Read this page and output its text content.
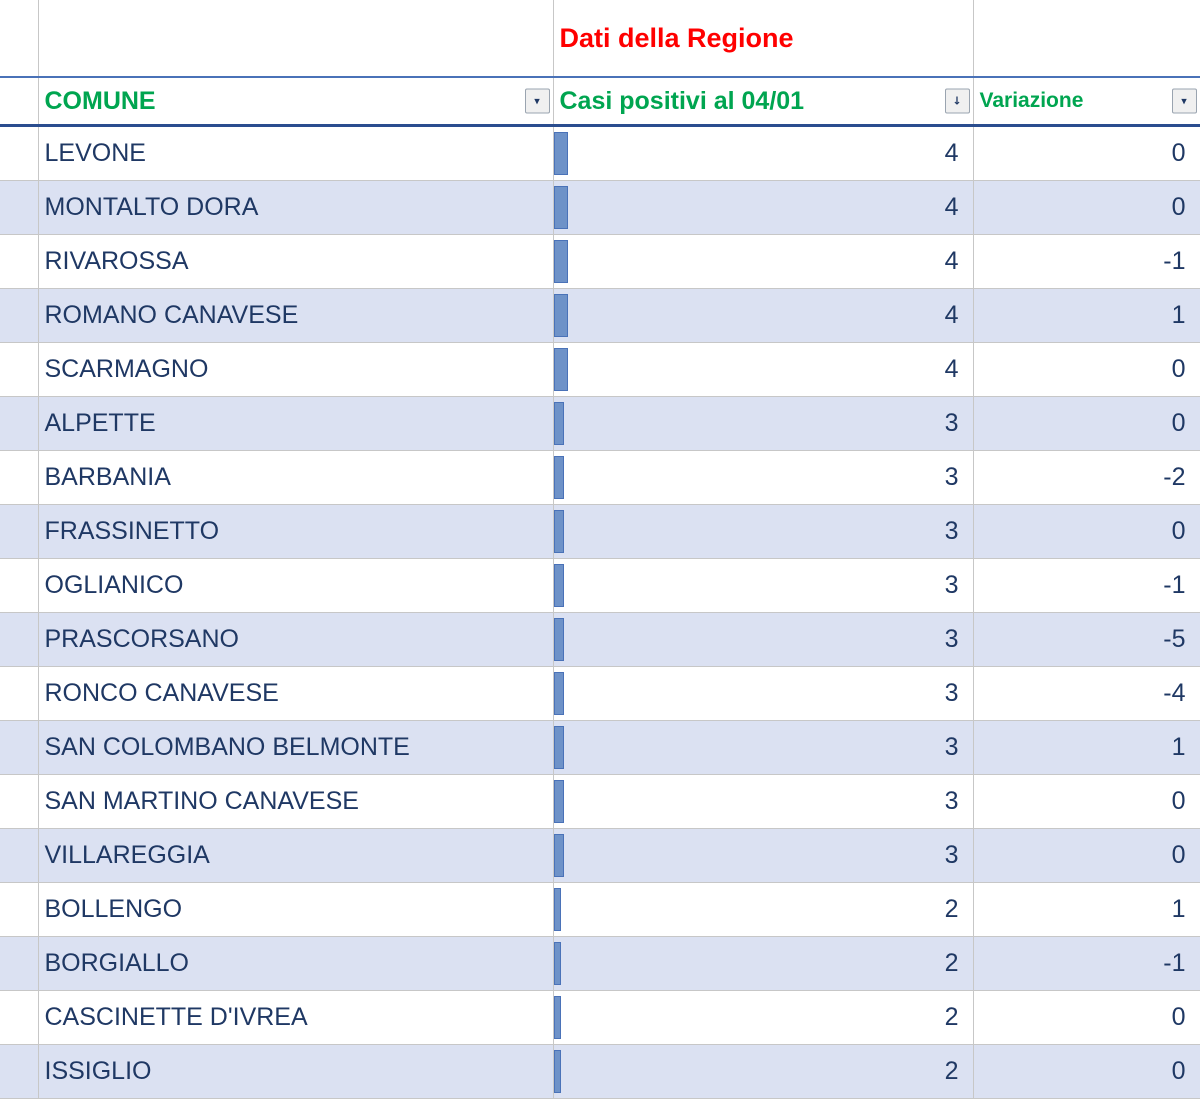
		Dati della Regione	
	COMUNE ▾	Casi positivi al 04/01 ↓	Variazione ▾

	LEVONE	4	0
	MONTALTO DORA	4	0
	RIVAROSSA	4	-1
	ROMANO CANAVESE	4	1
	SCARMAGNO	4	0
	ALPETTE	3	0
	BARBANIA	3	-2
	FRASSINETTO	3	0
	OGLIANICO	3	-1
	PRASCORSANO	3	-5
	RONCO CANAVESE	3	-4
	SAN COLOMBANO BELMONTE	3	1
	SAN MARTINO CANAVESE	3	0
	VILLAREGGIA	3	0
	BOLLENGO	2	1
	BORGIALLO	2	-1
	CASCINETTE D'IVREA	2	0
	ISSIGLIO	2	0
